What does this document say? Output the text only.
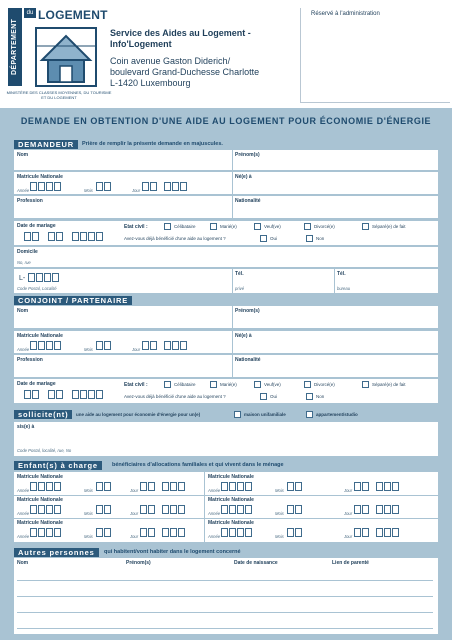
DÉPARTEMENT
du LOGEMENT
MINISTÈRE DES CLASSES MOYENNES, DU TOURISME ET DU LOGEMENT
Service des Aides au Logement -
Info'Logement
Coin avenue Gaston Diderich/
boulevard Grand-Duchesse Charlotte
L-1420 Luxembourg
Réservé à l'administration
DEMANDE EN OBTENTION D'UNE AIDE AU LOGEMENT POUR ÉCONOMIE D'ÉNERGIE
DEMANDEUR	Prière de remplir la présente demande en majuscules.
Nom	Prénom(s)
Matricule Nationale
Année	Mois	Jour
Né(e) à
Profession	Nationalité
Date de mariage	Etat civil :	Célibataire	Marié(e)	Veuf(ve)	Divorcé(e)	Séparé(e) de fait
Avez-vous déjà bénéficié d'une aide au logement ?	Oui	Non
Domicile
No, rue
L-
Code Postal, Localité
Tél.
privé
Tél.
bureau
CONJOINT / PARTENAIRE
Nom	Prénom(s)
Matricule Nationale
Année	Mois	Jour
Né(e) à
Profession	Nationalité
Date de mariage	Etat civil :	Célibataire	Marié(e)	Veuf(ve)	Divorcé(e)	Séparé(e) de fait
Avez-vous déjà bénéficié d'une aide au logement ?	Oui	Non
sollicite(nt)	une aide au logement pour économie d'énergie pour un(e)	maison unifamiliale	appartement/studio
sis(e) à
Code Postal, localité, rue, No
Enfant(s) à charge	bénéficiaires d'allocations familiales et qui vivent dans le ménage
Matricule Nationale
Année	Mois	Jour
Matricule Nationale
Année	Mois	Jour
Matricule Nationale
Année	Mois	Jour
Matricule Nationale
Année	Mois	Jour
Matricule Nationale
Année	Mois	Jour
Matricule Nationale
Année	Mois	Jour
Autres personnes	qui habitent/vont habiter dans le logement concerné
Nom	Prénom(s)	Date de naissance	Lien de parenté
